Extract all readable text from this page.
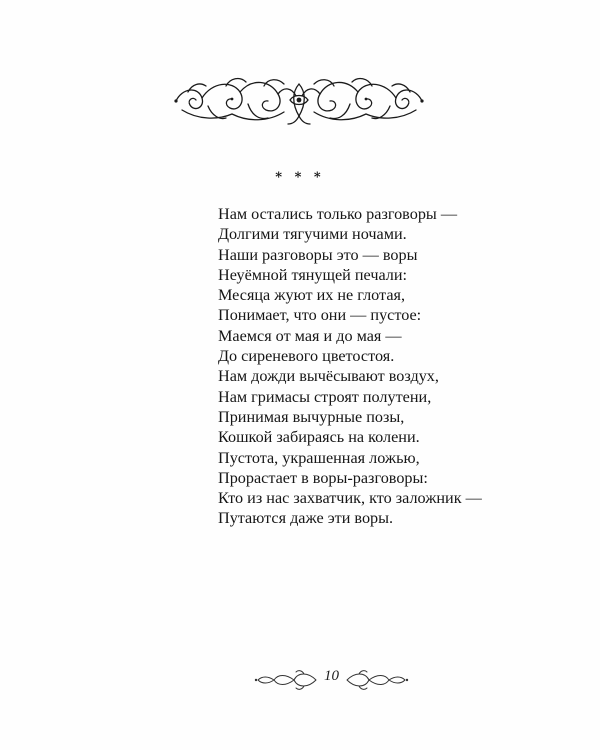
* * *
Нам остались только разговоры —
Долгими тягучими ночами.
Наши разговоры это — воры
Неуёмной тянущей печали:
Месяца жуют их не глотая,
Понимает, что они — пустое:
Маемся от мая и до мая —
До сиреневого цветостоя.
Нам дожди вычёсывают воздух,
Нам гримасы строят полутени,
Принимая вычурные позы,
Кошкой забираясь на колени.
Пустота, украшенная ложью,
Прорастает в воры-разговоры:
Кто из нас захватчик, кто заложник —
Путаются даже эти воры.
10
